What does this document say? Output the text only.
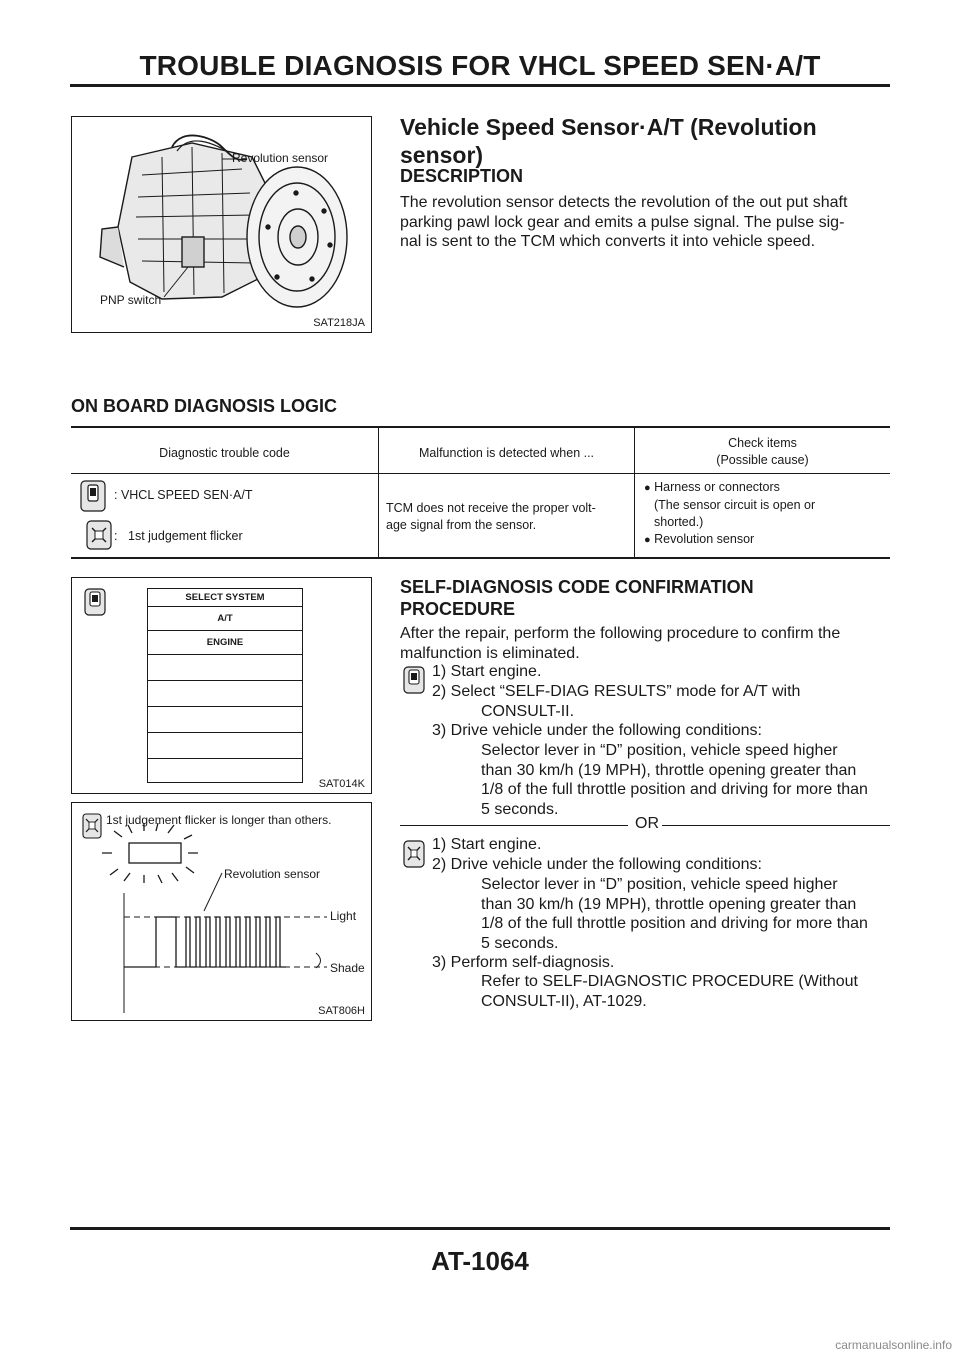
TROUBLE DIAGNOSIS FOR VHCL SPEED SEN·A/T
Revolution sensor
PNP switch
SAT218JA
Vehicle Speed Sensor·A/T (Revolution
sensor)
DESCRIPTION
The revolution sensor detects the revolution of the out put shaft
parking pawl lock gear and emits a pulse signal. The pulse sig-
nal is sent to the TCM which converts it into vehicle speed.
ON BOARD DIAGNOSIS LOGIC
Diagnostic trouble code	Malfunction is detected when ...
Check items
(Possible cause)
: VHCL SPEED SEN·A/T
: 1st judgement flicker
TCM does not receive the proper volt-
age signal from the sensor.
● Harness or connectors
(The sensor circuit is open or
shorted.)
● Revolution sensor
SELECT SYSTEM
A/T
ENGINE
SAT014K
1st judgement flicker is longer than others.
Revolution sensor
Light
Shade
SAT806H
SELF-DIAGNOSIS CODE CONFIRMATION
PROCEDURE
After the repair, perform the following procedure to confirm the
malfunction is eliminated.
1) Start engine.
2) Select “SELF-DIAG RESULTS” mode for A/T with
CONSULT-II.
3) Drive vehicle under the following conditions:
Selector lever in “D” position, vehicle speed higher
than 30 km/h (19 MPH), throttle opening greater than
1/8 of the full throttle position and driving for more than
5 seconds.
OR
1) Start engine.
2) Drive vehicle under the following conditions:
Selector lever in “D” position, vehicle speed higher
than 30 km/h (19 MPH), throttle opening greater than
1/8 of the full throttle position and driving for more than
5 seconds.
3) Perform self-diagnosis.
Refer to SELF-DIAGNOSTIC PROCEDURE (Without
CONSULT-II), AT-1029.
AT-1064
carmanualsonline.info
